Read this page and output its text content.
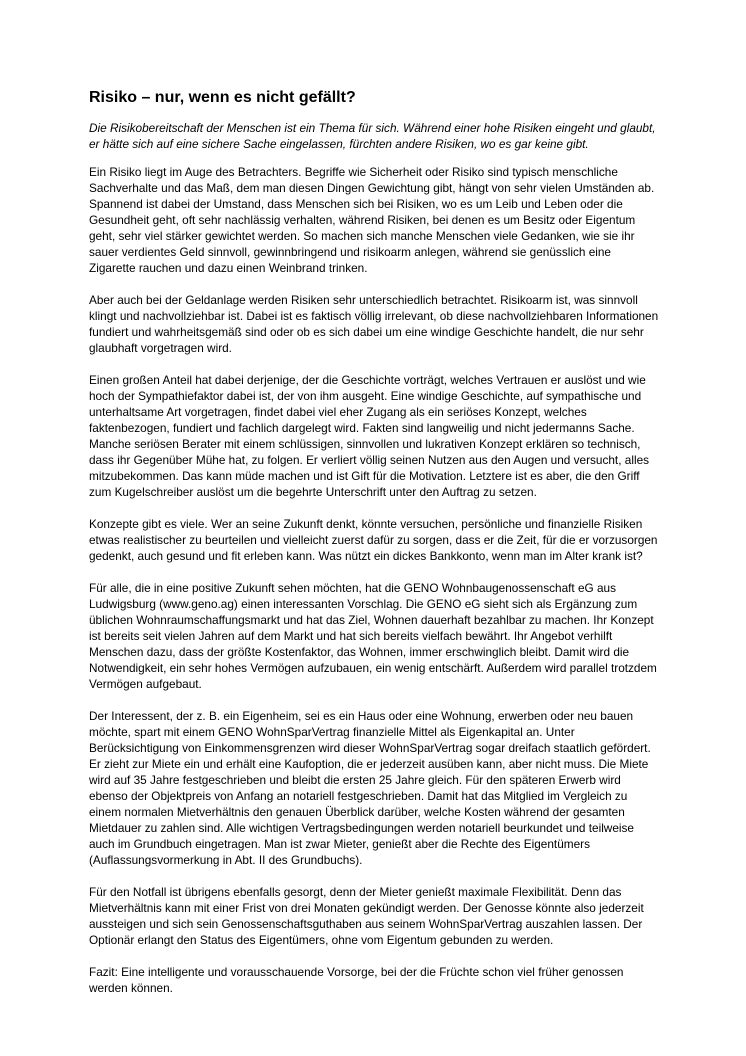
Risiko – nur, wenn es nicht gefällt?

Die Risikobereitschaft der Menschen ist ein Thema für sich. Während einer hohe Risiken eingeht und glaubt, er hätte sich auf eine sichere Sache eingelassen, fürchten andere Risiken, wo es gar keine gibt.

Ein Risiko liegt im Auge des Betrachters. Begriffe wie Sicherheit oder Risiko sind typisch menschliche Sachverhalte und das Maß, dem man diesen Dingen Gewichtung gibt, hängt von sehr vielen Umständen ab. Spannend ist dabei der Umstand, dass Menschen sich bei Risiken, wo es um Leib und Leben oder die Gesundheit geht, oft sehr nachlässig verhalten, während Risiken, bei denen es um Besitz oder Eigentum geht, sehr viel stärker gewichtet werden. So machen sich manche Menschen viele Gedanken, wie sie ihr sauer verdientes Geld sinnvoll, gewinnbringend und risikoarm anlegen, während sie genüsslich eine Zigarette rauchen und dazu einen Weinbrand trinken.

Aber auch bei der Geldanlage werden Risiken sehr unterschiedlich betrachtet. Risikoarm ist, was sinnvoll klingt und nachvollziehbar ist. Dabei ist es faktisch völlig irrelevant, ob diese nachvollziehbaren Informationen fundiert und wahrheitsgemäß sind oder ob es sich dabei um eine windige Geschichte handelt, die nur sehr glaubhaft vorgetragen wird.

Einen großen Anteil hat dabei derjenige, der die Geschichte vorträgt, welches Vertrauen er auslöst und wie hoch der Sympathiefaktor dabei ist, der von ihm ausgeht. Eine windige Geschichte, auf sympathische und unterhaltsame Art vorgetragen, findet dabei viel eher Zugang als ein seriöses Konzept, welches faktenbezogen, fundiert und fachlich dargelegt wird. Fakten sind langweilig und nicht jedermanns Sache. Manche seriösen Berater mit einem schlüssigen, sinnvollen und lukrativen Konzept erklären so technisch, dass ihr Gegenüber Mühe hat, zu folgen. Er verliert völlig seinen Nutzen aus den Augen und versucht, alles mitzubekommen. Das kann müde machen und ist Gift für die Motivation. Letztere ist es aber, die den Griff zum Kugelschreiber auslöst um die begehrte Unterschrift unter den Auftrag zu setzen.

Konzepte gibt es viele. Wer an seine Zukunft denkt, könnte versuchen, persönliche und finanzielle Risiken etwas realistischer zu beurteilen und vielleicht zuerst dafür zu sorgen, dass er die Zeit, für die er vorzusorgen gedenkt, auch gesund und fit erleben kann. Was nützt ein dickes Bankkonto, wenn man im Alter krank ist?

Für alle, die in eine positive Zukunft sehen möchten, hat die GENO Wohnbaugenossenschaft eG aus Ludwigsburg (www.geno.ag) einen interessanten Vorschlag. Die GENO eG sieht sich als Ergänzung zum üblichen Wohnraumschaffungsmarkt und hat das Ziel, Wohnen dauerhaft bezahlbar zu machen. Ihr Konzept ist bereits seit vielen Jahren auf dem Markt und hat sich bereits vielfach bewährt. Ihr Angebot verhilft Menschen dazu, dass der größte Kostenfaktor, das Wohnen, immer erschwinglich bleibt. Damit wird die Notwendigkeit, ein sehr hohes Vermögen aufzubauen, ein wenig entschärft. Außerdem wird parallel trotzdem Vermögen aufgebaut.

Der Interessent, der z. B. ein Eigenheim, sei es ein Haus oder eine Wohnung, erwerben oder neu bauen möchte, spart mit einem GENO WohnSparVertrag finanzielle Mittel als Eigenkapital an. Unter Berücksichtigung von Einkommensgrenzen wird dieser WohnSparVertrag sogar dreifach staatlich gefördert. Er zieht zur Miete ein und erhält eine Kaufoption, die er jederzeit ausüben kann, aber nicht muss. Die Miete wird auf 35 Jahre festgeschrieben und bleibt die ersten 25 Jahre gleich. Für den späteren Erwerb wird ebenso der Objektpreis von Anfang an notariell festgeschrieben. Damit hat das Mitglied im Vergleich zu einem normalen Mietverhältnis den genauen Überblick darüber, welche Kosten während der gesamten Mietdauer zu zahlen sind. Alle wichtigen Vertragsbedingungen werden notariell beurkundet und teilweise auch im Grundbuch eingetragen. Man ist zwar Mieter, genießt aber die Rechte des Eigentümers (Auflassungsvormerkung in Abt. II des Grundbuchs).

Für den Notfall ist übrigens ebenfalls gesorgt, denn der Mieter genießt maximale Flexibilität. Denn das Mietverhältnis kann mit einer Frist von drei Monaten gekündigt werden. Der Genosse könnte also jederzeit aussteigen und sich sein Genossenschaftsguthaben aus seinem WohnSparVertrag auszahlen lassen. Der Optionär erlangt den Status des Eigentümers, ohne vom Eigentum gebunden zu werden.

Fazit: Eine intelligente und vorausschauende Vorsorge, bei der die Früchte schon viel früher genossen werden können.
